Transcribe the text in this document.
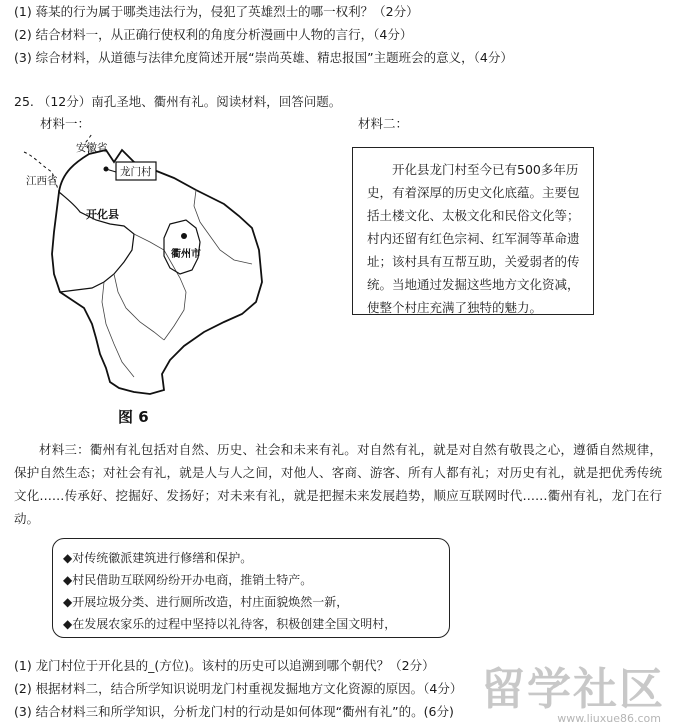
(1) 蒋某的行为属于哪类违法行为，侵犯了英雄烈士的哪一权利？（2分）
(2) 结合材料一，从正确行使权利的角度分析漫画中人物的言行，（4分）
(3) 综合材料，从道德与法律允度简述开展“崇尚英雄、精忠报国”主题班会的意义，（4分）
25. （12分）南孔圣地、衢州有礼。阅读材料，回答问题。
材料一：	材料二：
龙门村
安徽省
江西省
开化县
衢州市
图 6

开化县龙门村至今已有500多年历史，有着深厚的历史文化底蕴。主要包括土楼文化、太极文化和民俗文化等；村内还留有红色宗祠、红军洞等革命遗址；该村具有互帮互助，关爱弱者的传统。当地通过发掘这些地方文化资减，使整个村庄充满了独特的魅力。

材料三：衢州有礼包括对自然、历史、社会和未来有礼。对自然有礼，就是对自然有敬畏之心，遵循自然规律，保护自然生态；对社会有礼，就是人与人之间，对他人、客商、游客、所有人都有礼；对历史有礼，就是把优秀传统文化……传承好、挖掘好、发扬好；对未来有礼，就是把握未来发展趋势，顺应互联网时代……衢州有礼，龙门在行动。

◆对传统徽派建筑进行修缮和保护。
◆村民借助互联网纷纷开办电商，推销土特产。
◆开展垃圾分类、进行厕所改造，村庄面貌焕然一新，
◆在发展农家乐的过程中坚持以礼待客，积极创建全国文明村，
(1) 龙门村位于开化县的_(方位)。该村的历史可以追溯到哪个朝代？（2分）
(2) 根据材料二，结合所学知识说明龙门村重视发掘地方文化资源的原因。（4分）
(3) 结合材料三和所学知识，分析龙门村的行动是如何体现“衢州有礼”的。(6分) 留学社区
www.liuxue86.com
